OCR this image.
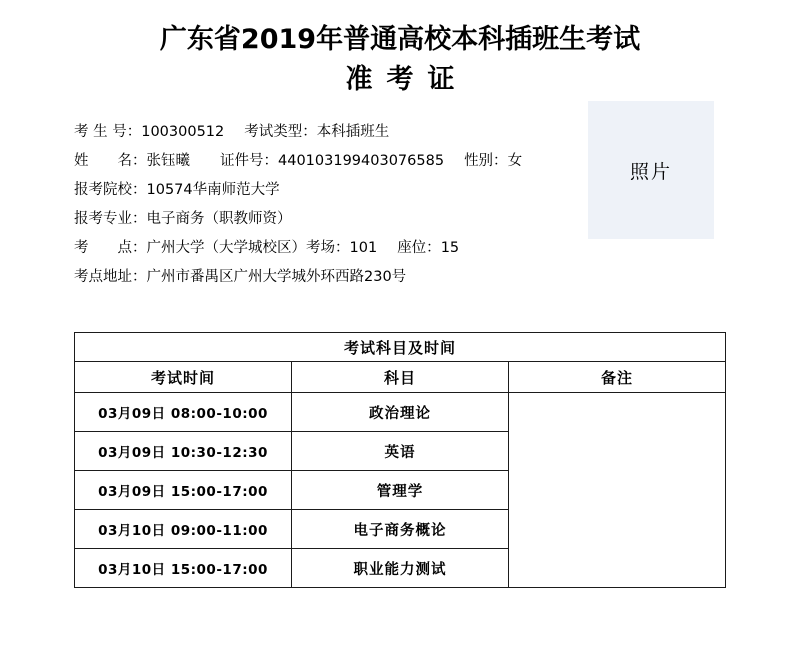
广东省2019年普通高校本科插班生考试
准考证
考 生 号：100300512 考试类型：本科插班生
姓　　名：张钰曦 证件号：440103199403076585 性别：女
报考院校：10574华南师范大学
报考专业：电子商务（职教师资）
考　　点：广州大学（大学城校区）考场：101 座位：15
考点地址：广州市番禺区广州大学城外环西路230号
照片
考试科目及时间		
考试时间	科目	备注
03月09日 08:00-10:00	政治理论	
03月09日 10:30-12:30	英语	
03月09日 15:00-17:00	管理学	
03月10日 09:00-11:00	电子商务概论	
03月10日 15:00-17:00	职业能力测试	
